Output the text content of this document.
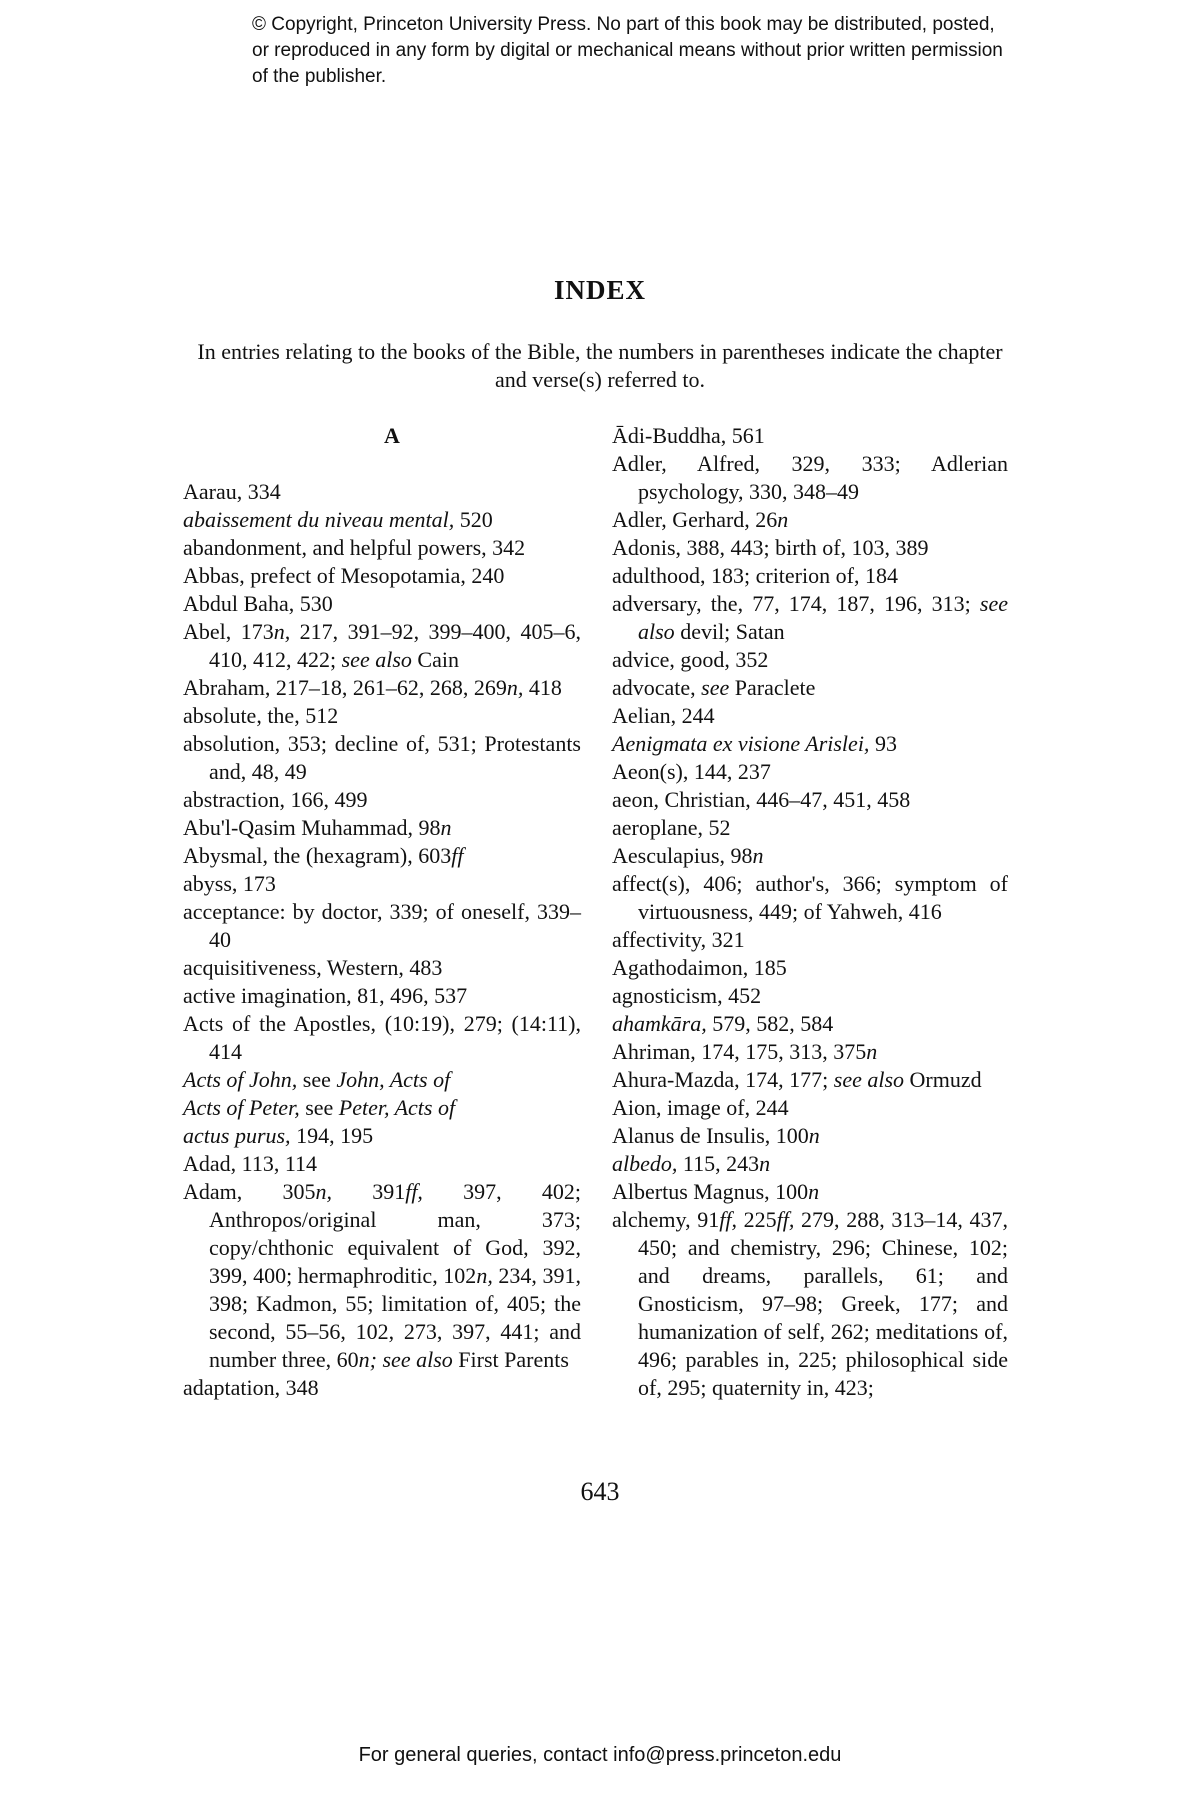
© Copyright, Princeton University Press. No part of this book may be distributed, posted, or reproduced in any form by digital or mechanical means without prior written permission of the publisher.
INDEX
In entries relating to the books of the Bible, the numbers in parentheses indicate the chapter and verse(s) referred to.
A

Aarau, 334

abaissement du niveau mental, 520

abandonment, and helpful powers, 342

Abbas, prefect of Mesopotamia, 240

Abdul Baha, 530

Abel, 173n, 217, 391–92, 399–400, 405–6, 410, 412, 422; see also Cain

Abraham, 217–18, 261–62, 268, 269n, 418

absolute, the, 512

absolution, 353; decline of, 531; Protestants and, 48, 49

abstraction, 166, 499

Abu'l-Qasim Muhammad, 98n

Abysmal, the (hexagram), 603ff

abyss, 173

acceptance: by doctor, 339; of oneself, 339–40

acquisitiveness, Western, 483

active imagination, 81, 496, 537

Acts of the Apostles, (10:19), 279; (14:11), 414

Acts of John, see John, Acts of

Acts of Peter, see Peter, Acts of

actus purus, 194, 195

Adad, 113, 114

Adam, 305n, 391ff, 397, 402; Anthropos/original man, 373; copy/chthonic equivalent of God, 392, 399, 400; hermaphroditic, 102n, 234, 391, 398; Kadmon, 55; limitation of, 405; the second, 55–56, 102, 273, 397, 441; and number three, 60n; see also First Parents

adaptation, 348

Ādi-Buddha, 561

Adler, Alfred, 329, 333; Adlerian psychology, 330, 348–49

Adler, Gerhard, 26n

Adonis, 388, 443; birth of, 103, 389

adulthood, 183; criterion of, 184

adversary, the, 77, 174, 187, 196, 313; see also devil; Satan

advice, good, 352

advocate, see Paraclete

Aelian, 244

Aenigmata ex visione Arislei, 93

Aeon(s), 144, 237

aeon, Christian, 446–47, 451, 458

aeroplane, 52

Aesculapius, 98n

affect(s), 406; author's, 366; symptom of virtuousness, 449; of Yahweh, 416

affectivity, 321

Agathodaimon, 185

agnosticism, 452

ahamkāra, 579, 582, 584

Ahriman, 174, 175, 313, 375n

Ahura-Mazda, 174, 177; see also Ormuzd

Aion, image of, 244

Alanus de Insulis, 100n

albedo, 115, 243n

Albertus Magnus, 100n

alchemy, 91ff, 225ff, 279, 288, 313–14, 437, 450; and chemistry, 296; Chinese, 102; and dreams, parallels, 61; and Gnosticism, 97–98; Greek, 177; and humanization of self, 262; meditations of, 496; parables in, 225; philosophical side of, 295; quaternity in, 423;

643
For general queries, contact info@press.princeton.edu
